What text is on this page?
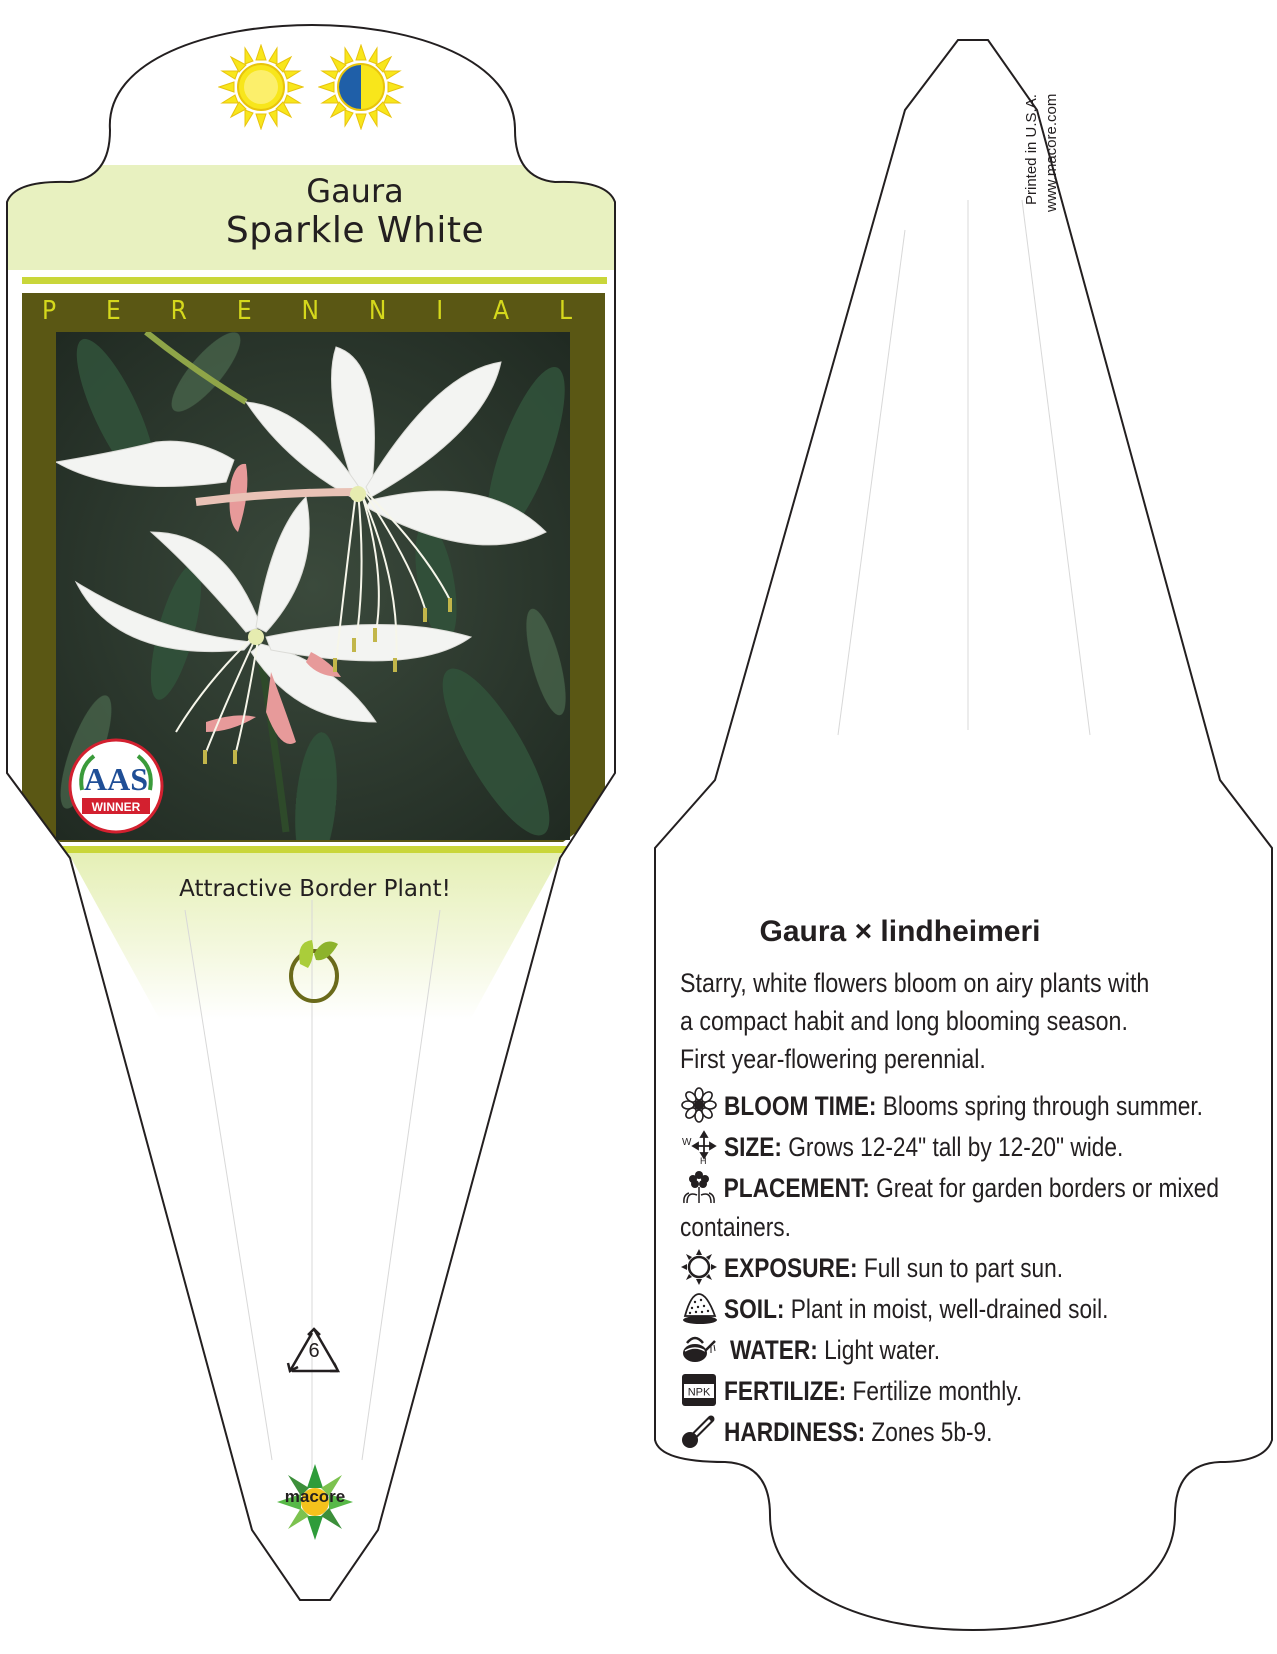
Gaura
Sparkle White
P E R E N N I A L
AAS
WINNER
Attractive Border Plant!
6
macore
Printed in U.S.A. www.macore.com
Gaura × lindheimeri
Starry, white flowers bloom on airy plants with a compact habit and long blooming season. First year-flowering perennial.
BLOOM TIME: Blooms spring through summer.
W
H SIZE: Grows 12-24" tall by 12-20" wide.
PLACEMENT: Great for garden borders or mixed containers.
EXPOSURE: Full sun to part sun.
SOIL: Plant in moist, well-drained soil.
WATER: Light water.
NPK FERTILIZE: Fertilize monthly.
HARDINESS: Zones 5b-9.
